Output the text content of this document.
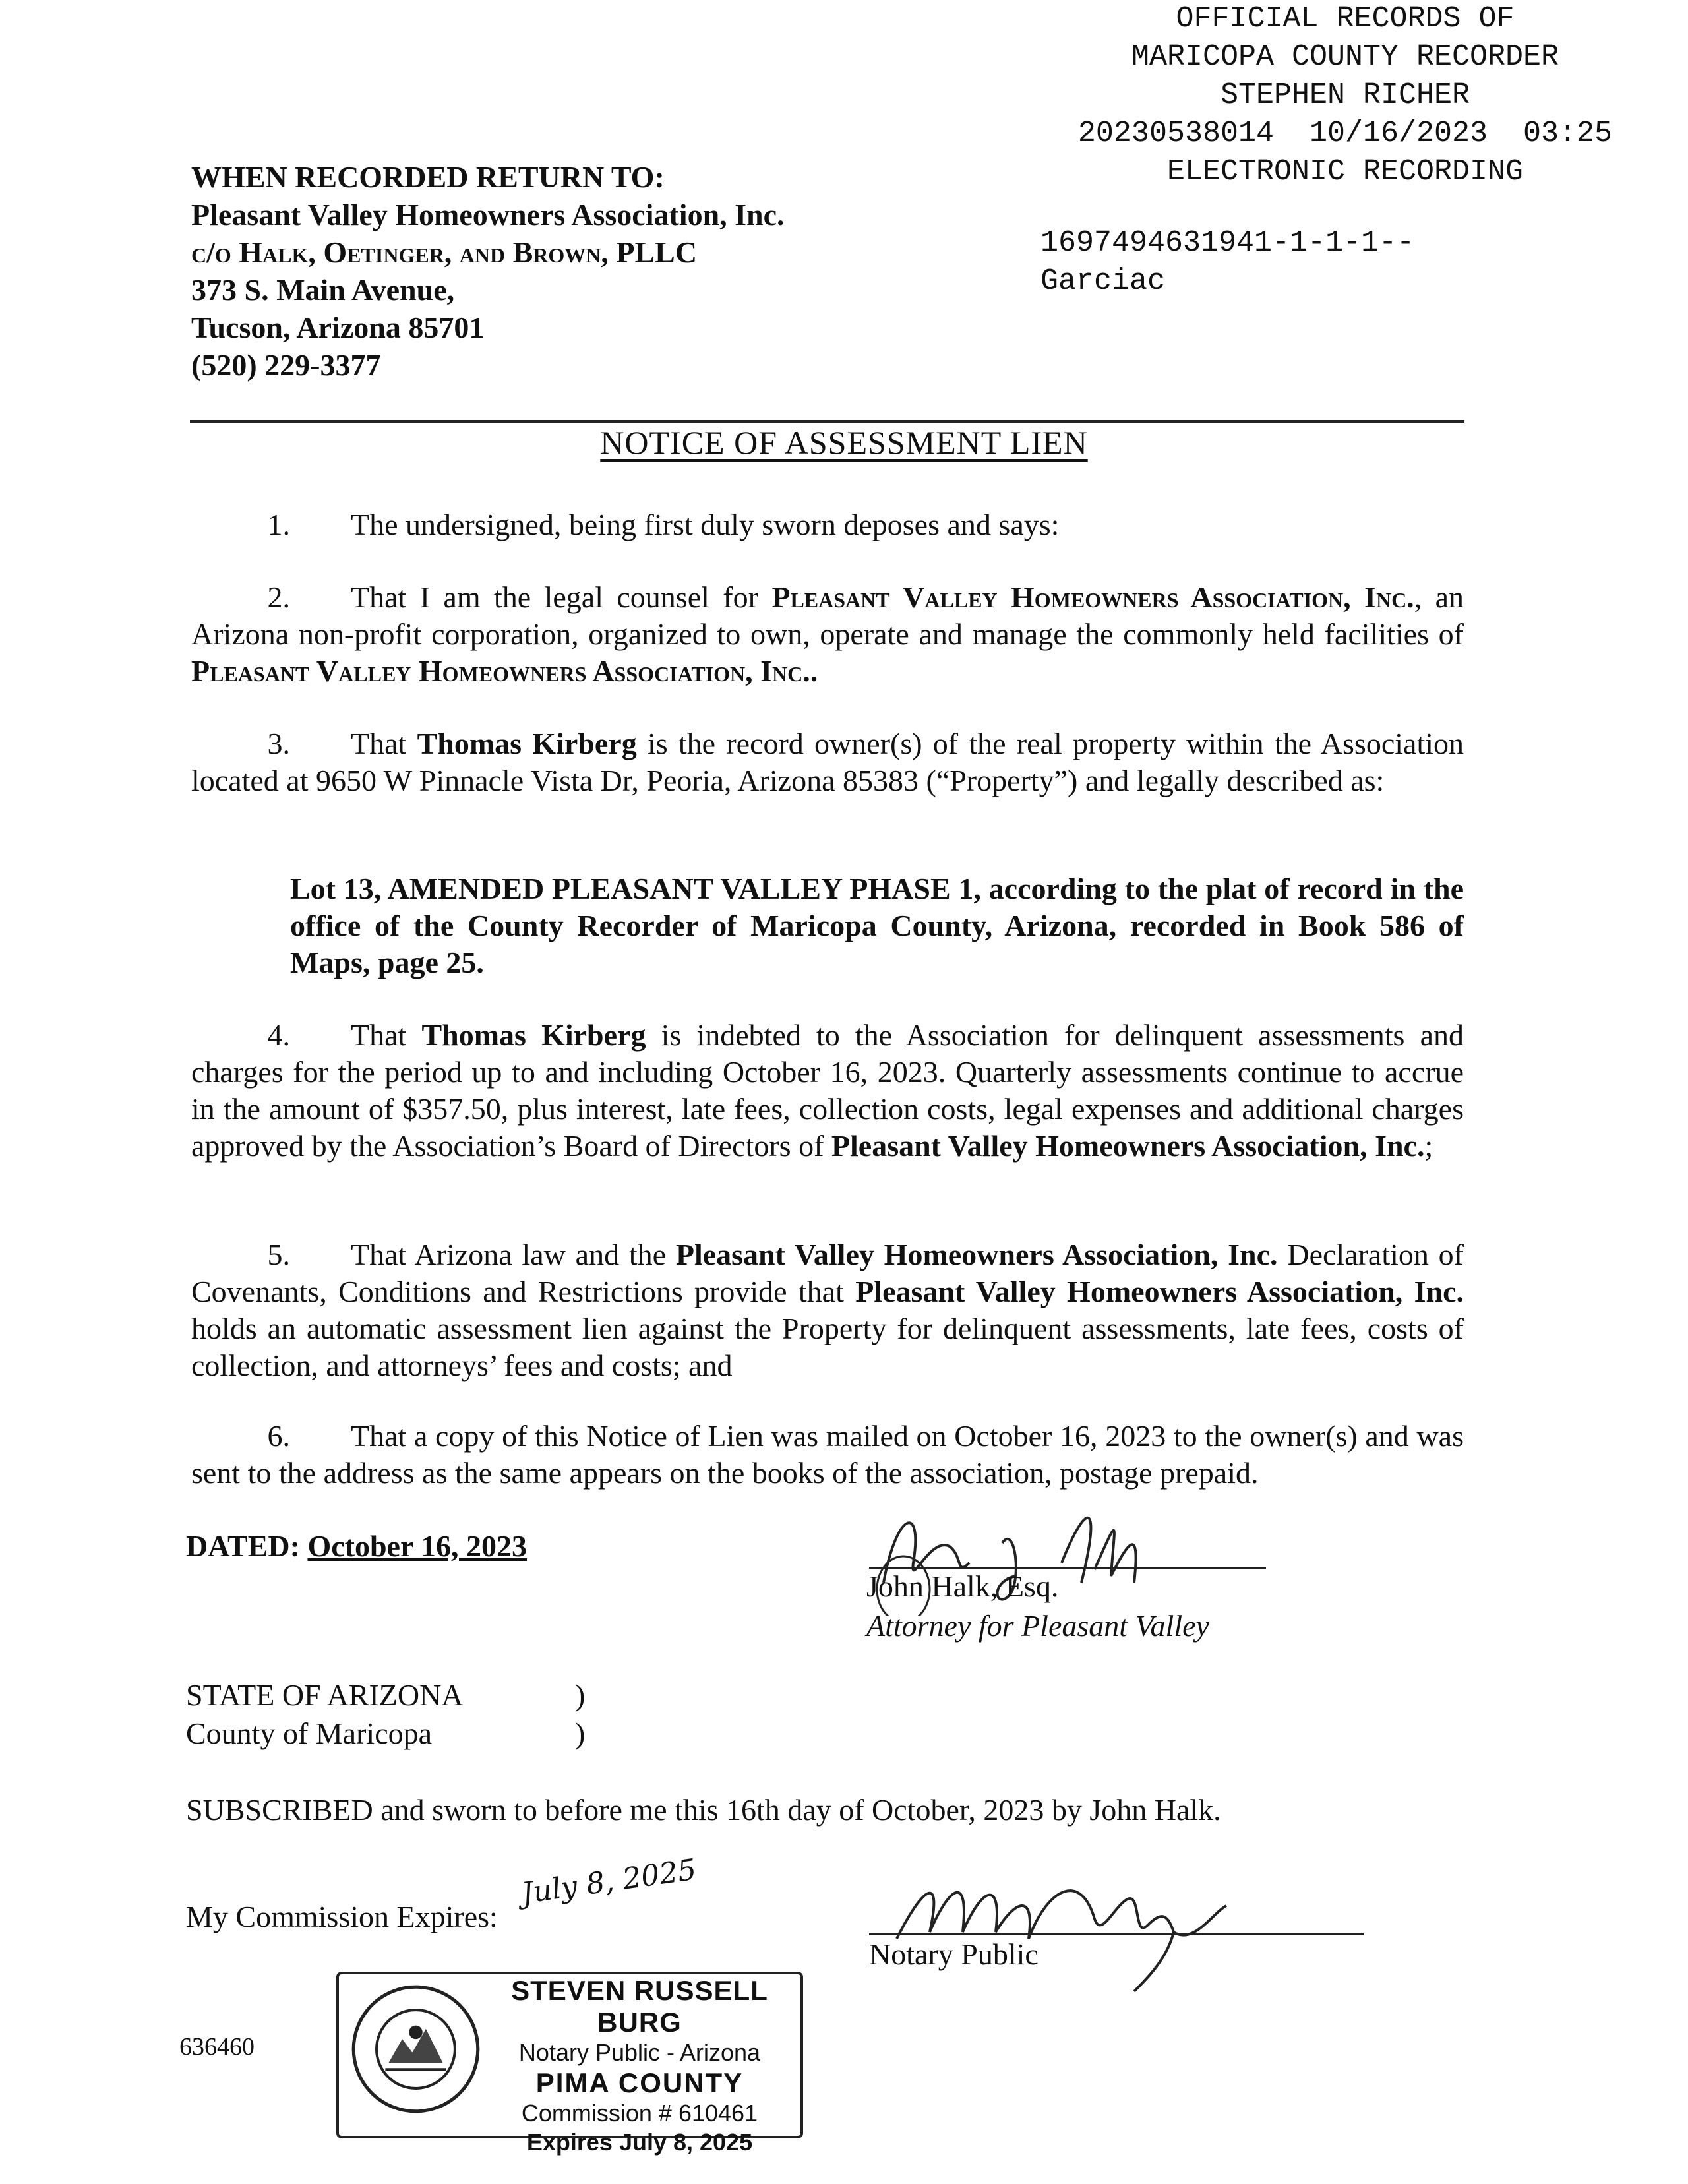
OFFICIAL RECORDS OF
MARICOPA COUNTY RECORDER
STEPHEN RICHER
20230538014  10/16/2023  03:25
ELECTRONIC RECORDING
1697494631941-1-1-1--
Garciac
WHEN RECORDED RETURN TO:
Pleasant Valley Homeowners Association, Inc.
c/o Halk, Oetinger, and Brown, PLLC
373 S. Main Avenue,
Tucson, Arizona 85701
(520) 229-3377
NOTICE OF ASSESSMENT LIEN
1. The undersigned, being first duly sworn deposes and says:
2. That I am the legal counsel for Pleasant Valley Homeowners Association, Inc., an Arizona non-profit corporation, organized to own, operate and manage the commonly held facilities of Pleasant Valley Homeowners Association, Inc..
3. That Thomas Kirberg is the record owner(s) of the real property within the Association located at 9650 W Pinnacle Vista Dr, Peoria, Arizona 85383 (“Property”) and legally described as:
Lot 13, AMENDED PLEASANT VALLEY PHASE 1, according to the plat of record in the office of the County Recorder of Maricopa County, Arizona, recorded in Book 586 of Maps, page 25.
4. That Thomas Kirberg is indebted to the Association for delinquent assessments and charges for the period up to and including October 16, 2023. Quarterly assessments continue to accrue in the amount of $357.50, plus interest, late fees, collection costs, legal expenses and additional charges approved by the Association’s Board of Directors of Pleasant Valley Homeowners Association, Inc.;
5. That Arizona law and the Pleasant Valley Homeowners Association, Inc. Declaration of Covenants, Conditions and Restrictions provide that Pleasant Valley Homeowners Association, Inc. holds an automatic assessment lien against the Property for delinquent assessments, late fees, costs of collection, and attorneys’ fees and costs; and
6. That a copy of this Notice of Lien was mailed on October 16, 2023 to the owner(s) and was sent to the address as the same appears on the books of the association, postage prepaid.
DATED: October 16, 2023
John Halk, Esq.
Attorney for Pleasant Valley
STATE OF ARIZONA
County of Maricopa
)
)
SUBSCRIBED and sworn to before me this 16th day of October, 2023 by John Halk.
My Commission Expires:
July 8, 2025
Notary Public
636460
STEVEN RUSSELL BURG
Notary Public - Arizona
PIMA COUNTY
Commission # 610461
Expires July 8, 2025
